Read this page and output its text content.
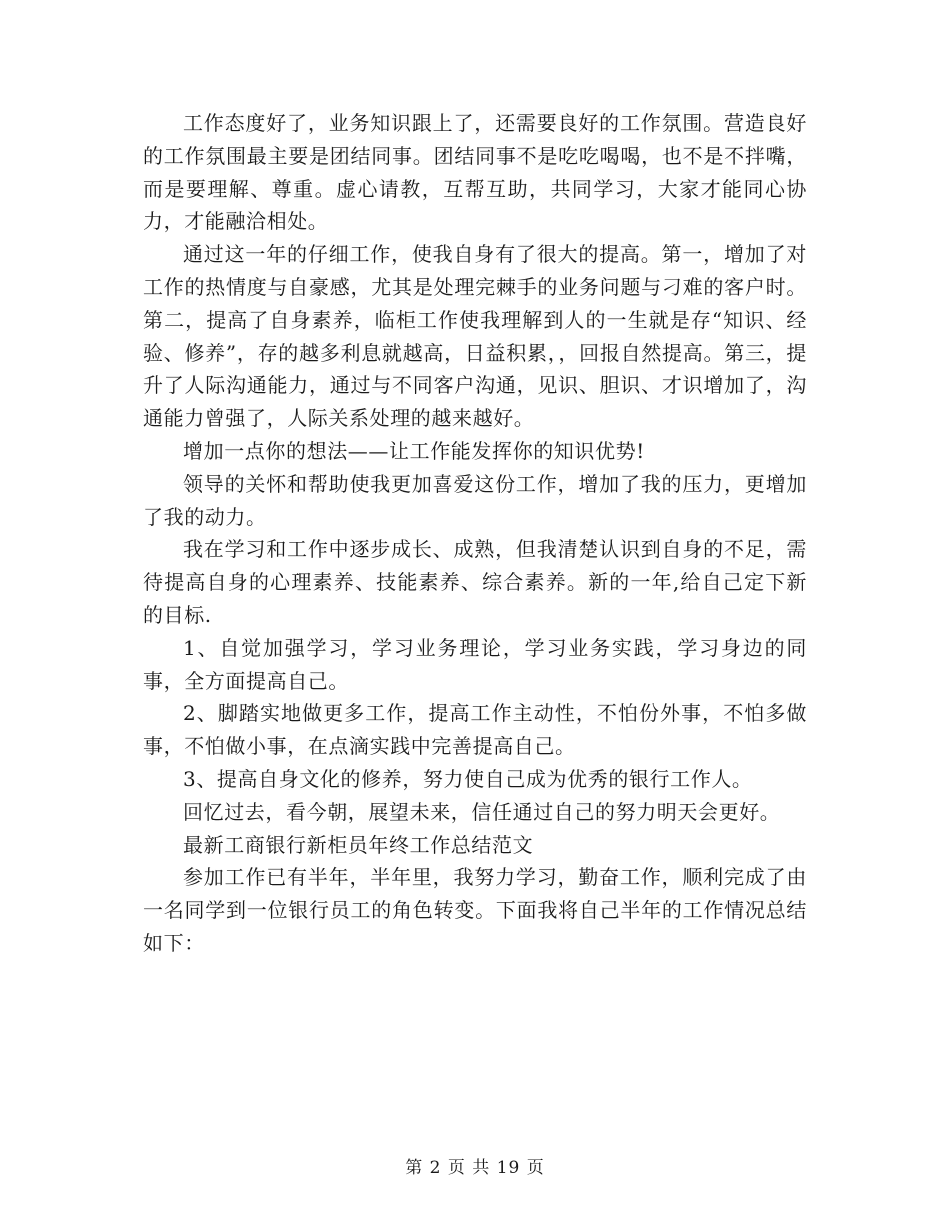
工作态度好了，业务知识跟上了，还需要良好的工作氛围。营造良好的工作氛围最主要是团结同事。团结同事不是吃吃喝喝，也不是不拌嘴，而是要理解、尊重。虚心请教，互帮互助，共同学习，大家才能同心协力，才能融洽相处。

通过这一年的仔细工作，使我自身有了很大的提高。第一，增加了对工作的热情度与自豪感，尤其是处理完棘手的业务问题与刁难的客户时。第二，提高了自身素养，临柜工作使我理解到人的一生就是存“知识、经验、修养”，存的越多利息就越高，日益积累，，回报自然提高。第三，提升了人际沟通能力，通过与不同客户沟通，见识、胆识、才识增加了，沟通能力曾强了，人际关系处理的越来越好。

增加一点你的想法——让工作能发挥你的知识优势!

领导的关怀和帮助使我更加喜爱这份工作，增加了我的压力，更增加了我的动力。

我在学习和工作中逐步成长、成熟，但我清楚认识到自身的不足，需待提高自身的心理素养、技能素养、综合素养。新的一年,给自己定下新的目标.

1、自觉加强学习，学习业务理论，学习业务实践，学习身边的同事，全方面提高自己。

2、脚踏实地做更多工作，提高工作主动性，不怕份外事，不怕多做事，不怕做小事，在点滴实践中完善提高自己。

3、提高自身文化的修养，努力使自己成为优秀的银行工作人。

回忆过去，看今朝，展望未来，信任通过自己的努力明天会更好。

最新工商银行新柜员年终工作总结范文

参加工作已有半年，半年里，我努力学习，勤奋工作，顺利完成了由一名同学到一位银行员工的角色转变。下面我将自己半年的工作情况总结如下：

第 2 页 共 19 页
